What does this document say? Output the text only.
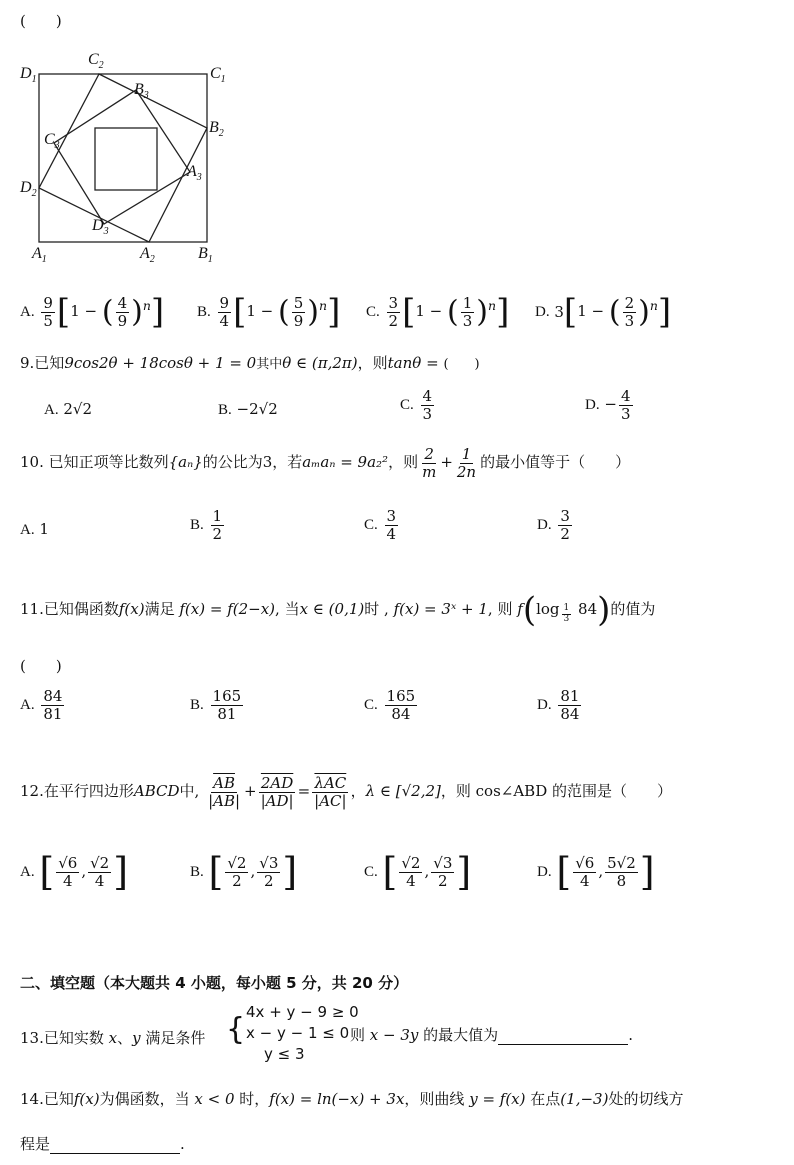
(　　)
$D_1$
$C_2$	$C_1$
$B_3$
$B_2$
$C_3$
$A_3$
$D_2$
$D_3$
$A_1$	$A_2$	$B_1$
A. $\frac{9}{5} [1$ − ( $\frac{4}{9} )^n$] B. $\frac{9}{4} [1$ − ( $\frac{5}{9} )^n$] C. $\frac{3}{2} [1$ − ( $\frac{1}{3} )^n$] D. 3[1 − ( $\frac{2}{3} )^n$]
9.已知9cos2θ + 18cosθ + 1 = 0其中θ ∈ (π,2π)，则tanθ = (　　)
A. 2√2	B. −2√2	C. $\frac{4}{3}$	D. − $\frac{4}{3}$
10. 已知正项等比数列{aₙ}的公比为3，若aₘaₙ = 9a₂²，则 $\frac{2}{m} + \frac{1}{2n}$ 的最小值等于（　　）
A. 1	B. $\frac{1}{2}$	C. $\frac{3}{4}$	D. $\frac{3}{2}$
11.已知偶函数f(x)满足 f(x) = f(2−x), 当x ∈ (0,1)时 , f(x) = 3ˣ + 1, 则 f(log $_{\frac{1}{3}}$ 84)的值为
(　　)
A. $\frac{84}{81}$	B. $\frac{165}{81}$	C. $\frac{165}{84}$	D. $\frac{81}{84}$
12.在平行四边形ABCD中, $\frac{\overline{AB}}{|AB|} + \frac{2AD}{|AD|} = \frac{\overline{\lambda AC}}{|AC|}$ ，λ ∈ [√2,2]，则 cos∠ABD 的范围是（　　）
A. [ $\frac{√6}{4}$ , $\frac{√2}{4}$ ]	B. [ $\frac{√2}{2}$ , $\frac{√3}{2}$ ]	C. [ $\frac{√2}{4}$ , $\frac{√3}{2}$ ]	D. [ $\frac{√6}{4}$ , $\frac{5√2}{8}$ ]
二、填空题（本大题共 4 小题，每小题 5 分，共 20 分）
13.已知实数 x、y 满足条件 { 4x + y − 9 ≥ 0
x − y − 1 ≤ 0
y ≤ 3
则 x − 3y 的最大值为	.
14.已知f(x)为偶函数，当 x < 0 时，f(x) = ln(−x) + 3x，则曲线 y = f(x) 在点(1,−3)处的切线方
程是	.
